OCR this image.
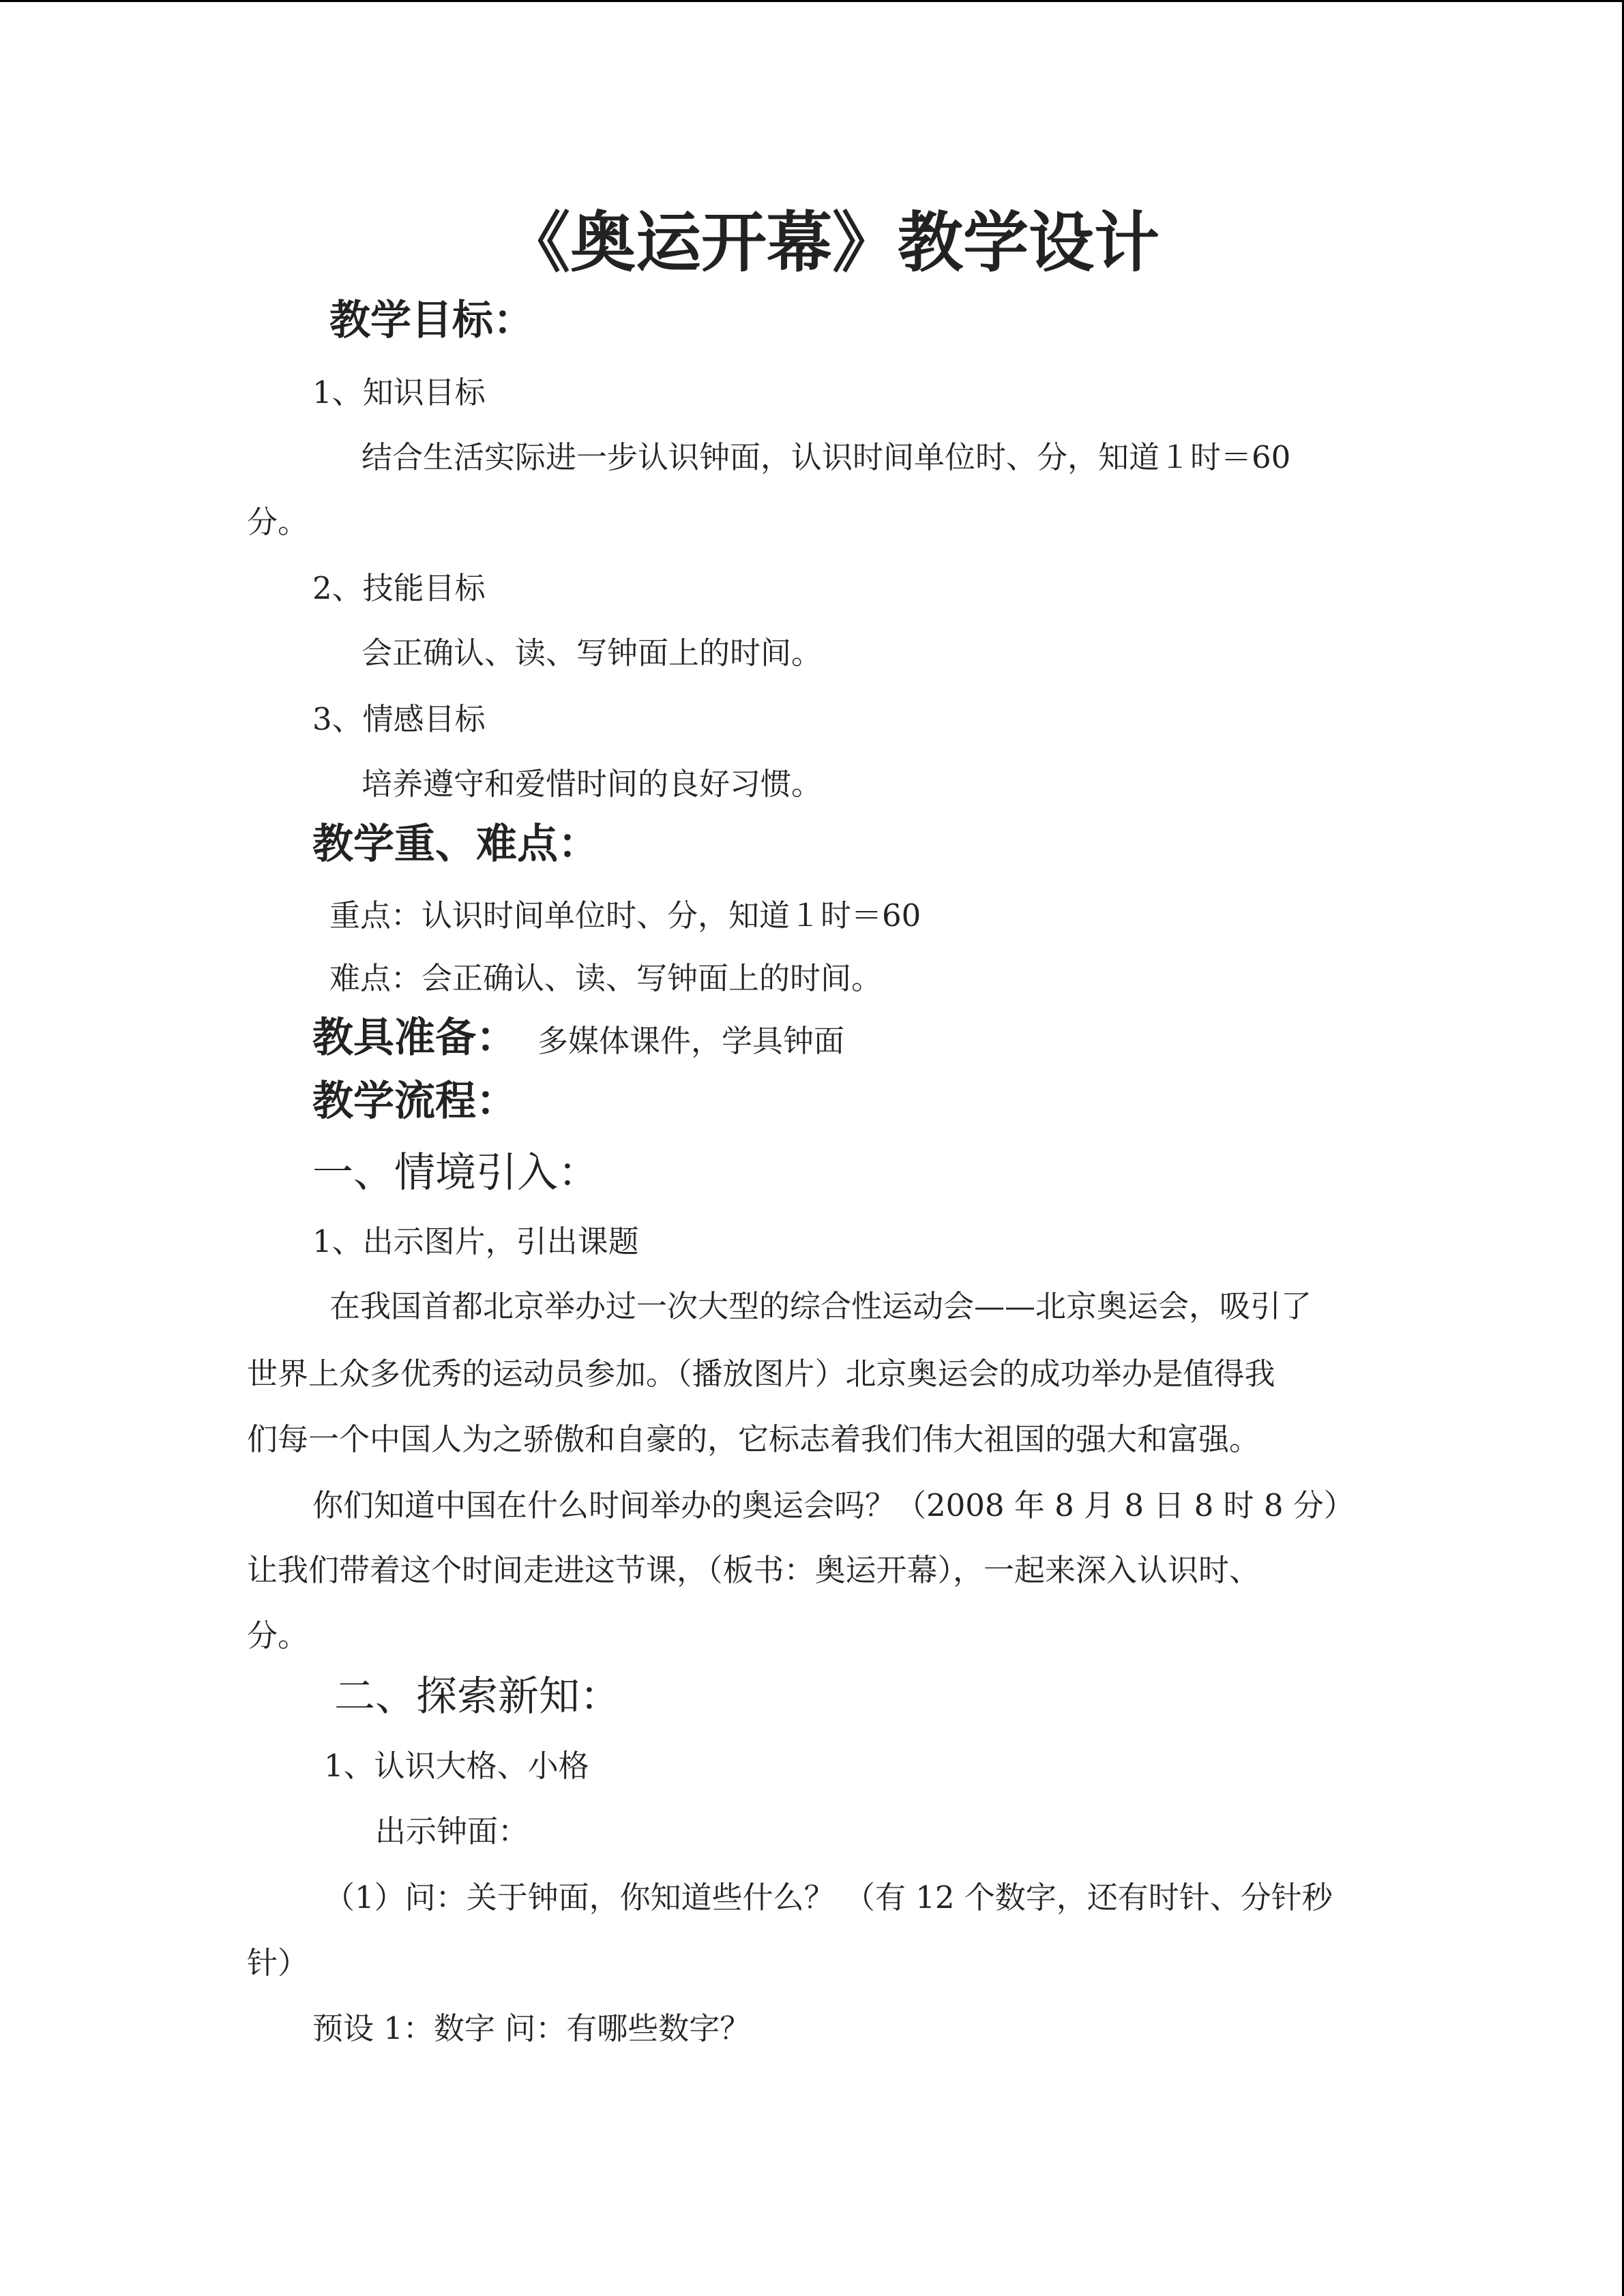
《奥运开幕》教学设计
教学目标：
1、知识目标
结合生活实际进一步认识钟面，认识时间单位时、分，知道１时＝60
分。
2、技能目标
会正确认、读、写钟面上的时间。
3、情感目标
培养遵守和爱惜时间的良好习惯。
教学重、难点：
重点：认识时间单位时、分，知道１时＝60
难点：会正确认、读、写钟面上的时间。
教具准备： 多媒体课件，学具钟面
教学流程：
一、情境引入：
1、出示图片，引出课题
在我国首都北京举办过一次大型的综合性运动会——北京奥运会，吸引了
世界上众多优秀的运动员参加。（播放图片）北京奥运会的成功举办是值得我
们每一个中国人为之骄傲和自豪的，它标志着我们伟大祖国的强大和富强。
你们知道中国在什么时间举办的奥运会吗？（2008 年 8 月 8 日 8 时 8 分）
让我们带着这个时间走进这节课，（板书：奥运开幕），一起来深入认识时、
分。
二、探索新知：
1、认识大格、小格
出示钟面：
（1）问：关于钟面，你知道些什么？ （有 12 个数字，还有时针、分针秒
针）
预设 1：数字 问：有哪些数字？
